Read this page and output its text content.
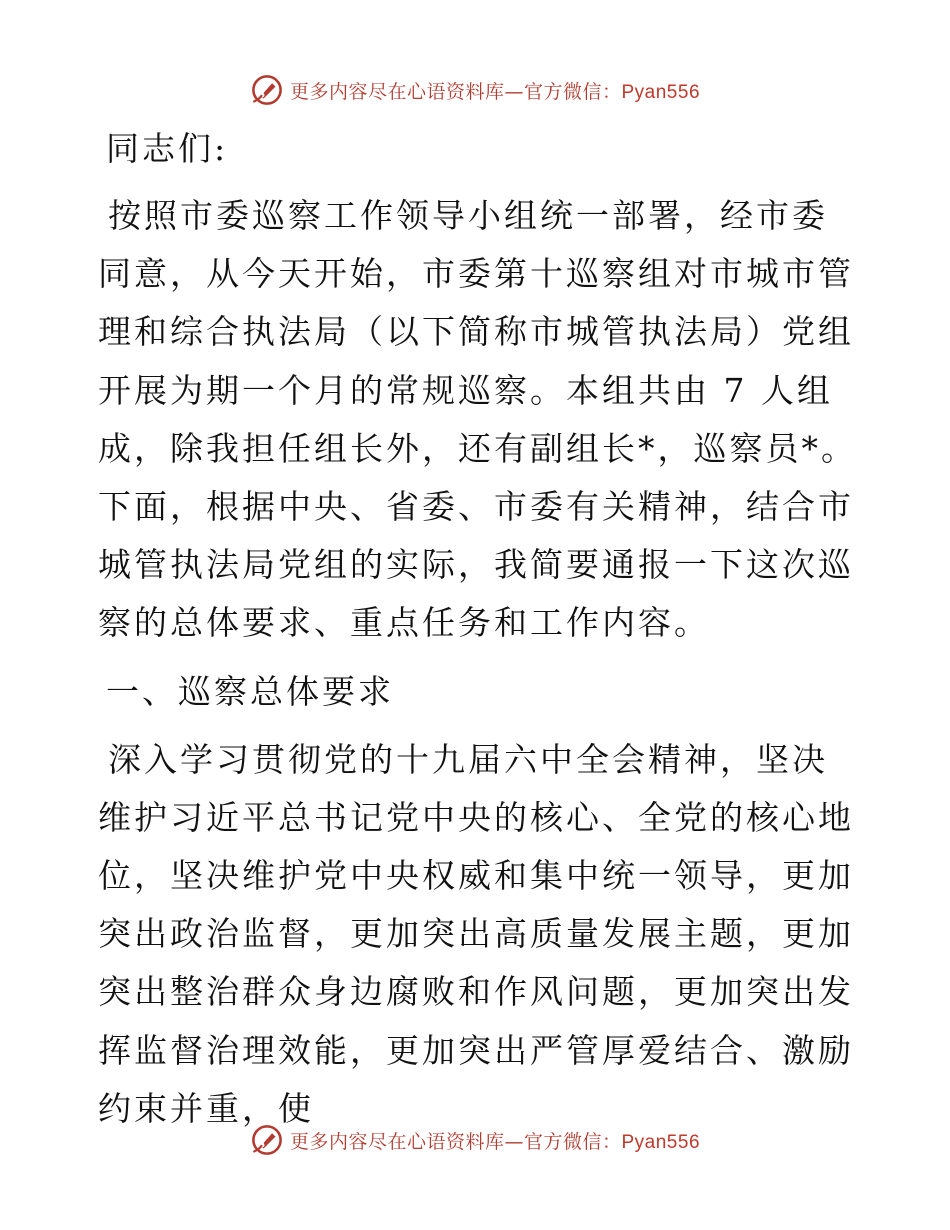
更多内容尽在心语资料库—官方微信：Pyan556

同志们:

按照市委巡察工作领导小组统一部署，经市委同意，从今天开始，市委第十巡察组对市城市管理和综合执法局（以下简称市城管执法局）党组开展为期一个月的常规巡察。本组共由 7 人组成，除我担任组长外，还有副组长*，巡察员*。下面，根据中央、省委、市委有关精神，结合市城管执法局党组的实际，我简要通报一下这次巡察的总体要求、重点任务和工作内容。

一、巡察总体要求

深入学习贯彻党的十九届六中全会精神，坚决维护习近平总书记党中央的核心、全党的核心地位，坚决维护党中央权威和集中统一领导，更加突出政治监督，更加突出高质量发展主题，更加突出整治群众身边腐败和作风问题，更加突出发挥监督治理效能，更加突出严管厚爱结合、激励约束并重，使

更多内容尽在心语资料库—官方微信：Pyan556
